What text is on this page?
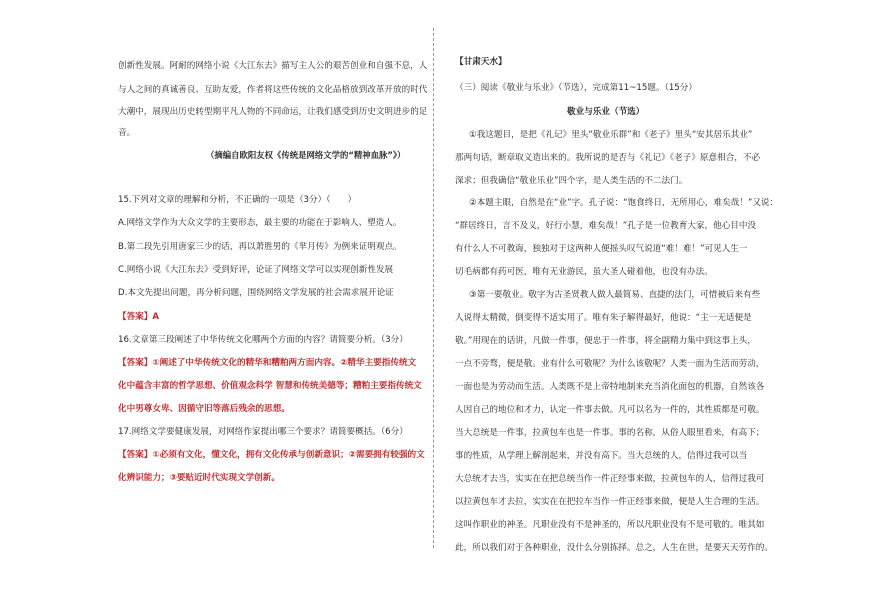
创新性发展。阿耐的网络小说《大江东去》描写主人公的艰苦创业和自强不息，人
与人之间的真诚善良、互助友爱，作者将这些传统的文化品格放到改革开放的时代
大潮中，展现出历史转型期平凡人物的不同命运，让我们感受到历史文明进步的足
音。
（摘编自欧阳友权《传统是网络文学的“精神血脉”》）
15.下列对文章的理解和分析，不正确的一项是（3分）（　　）
A.网络文学作为大众文学的主要形态，最主要的功能在于影响人、塑造人。
B.第二段先引用唐家三少的话，再以萧胜男的《芈月传》为例来证明观点。
C.网络小说《大江东去》受到好评，论证了网络文学可以实现创新性发展
D.本文先提出问题，再分析问题，围绕网络文学发展的社会需求展开论证
【答案】A
16.文章第三段阐述了中华传统文化哪两个方面的内容？请简要分析。（3分）
【答案】①阐述了中华传统文化的精华和糟粕两方面内容。②精华主要指传统文
化中蕴含丰富的哲学思想、价值观念科学 智慧和传统美德等；糟粕主要指传统文
化中男尊女卑、因循守旧等落后残余的思想。
17.网络文学要健康发展，对网络作家提出哪三个要求？请简要概括。（6分）
【答案】①必须有文化，懂文化，拥有文化传承与创新意识；②需要拥有较强的文
化辨识能力；③要贴近时代实现文学创新。
【甘肃天水】
（三）阅读《敬业与乐业》（节选），完成第11~15题。（15分）
敬业与乐业（节选）
①我这题目，是把《礼记》里头“敬业乐群”和《老子》里头“安其居乐其业”
那两句话，断章取义造出来的。我所说的是否与《礼记》《老子》原意相合，不必
深求；但我确信“敬业乐业”四个字，是人类生活的不二法门。
②本题主眼，自然是在“业”字。孔子说：“饱食终日，无所用心，难矣哉！”又说：
“群居终日，言不及义，好行小慧，难矣哉！”孔子是一位教育大家，他心目中没
有什么人不可教诲，独独对于这两种人便摇头叹气说道“难！难！”可见人生一
切毛病都有药可医，唯有无业游民，虽大圣人碰着他，也没有办法。
③第一要敬业。敬字为古圣贤教人做人最简易、直捷的法门，可惜被后来有些
人说得太精微，倒变得不适实用了。唯有朱子解得最好，他说：“主一无适便是
敬。”用现在的话讲，凡做一件事，便忠于一件事，将全副精力集中到这事上头，
一点不旁骛，便是敬。业有什么可敬呢？为什么该敬呢？人类一面为生活而劳动，
一面也是为劳动而生活。人类既不是上帝特地制来充当消化面包的机器，自然该各
人因自己的地位和才力，认定一件事去做。凡可以名为一件的，其性质都是可敬。
当大总统是一件事，拉黄包车也是一件事。事的名称，从俗人眼里看来，有高下；
事的性质，从学理上解剖起来，并没有高下。当大总统的人，信得过我可以当
大总统才去当，实实在在把总统当作一件正经事来做，拉黄包车的人，信得过我可
以拉黄包车才去拉，实实在在把拉车当作一件正经事来做，便是人生合理的生活。
这叫作职业的神圣。凡职业没有不是神圣的，所以凡职业没有不是可敬的。唯其如
此，所以我们对于各种职业，没什么分别拣择。总之，人生在世，是要天天劳作的。
